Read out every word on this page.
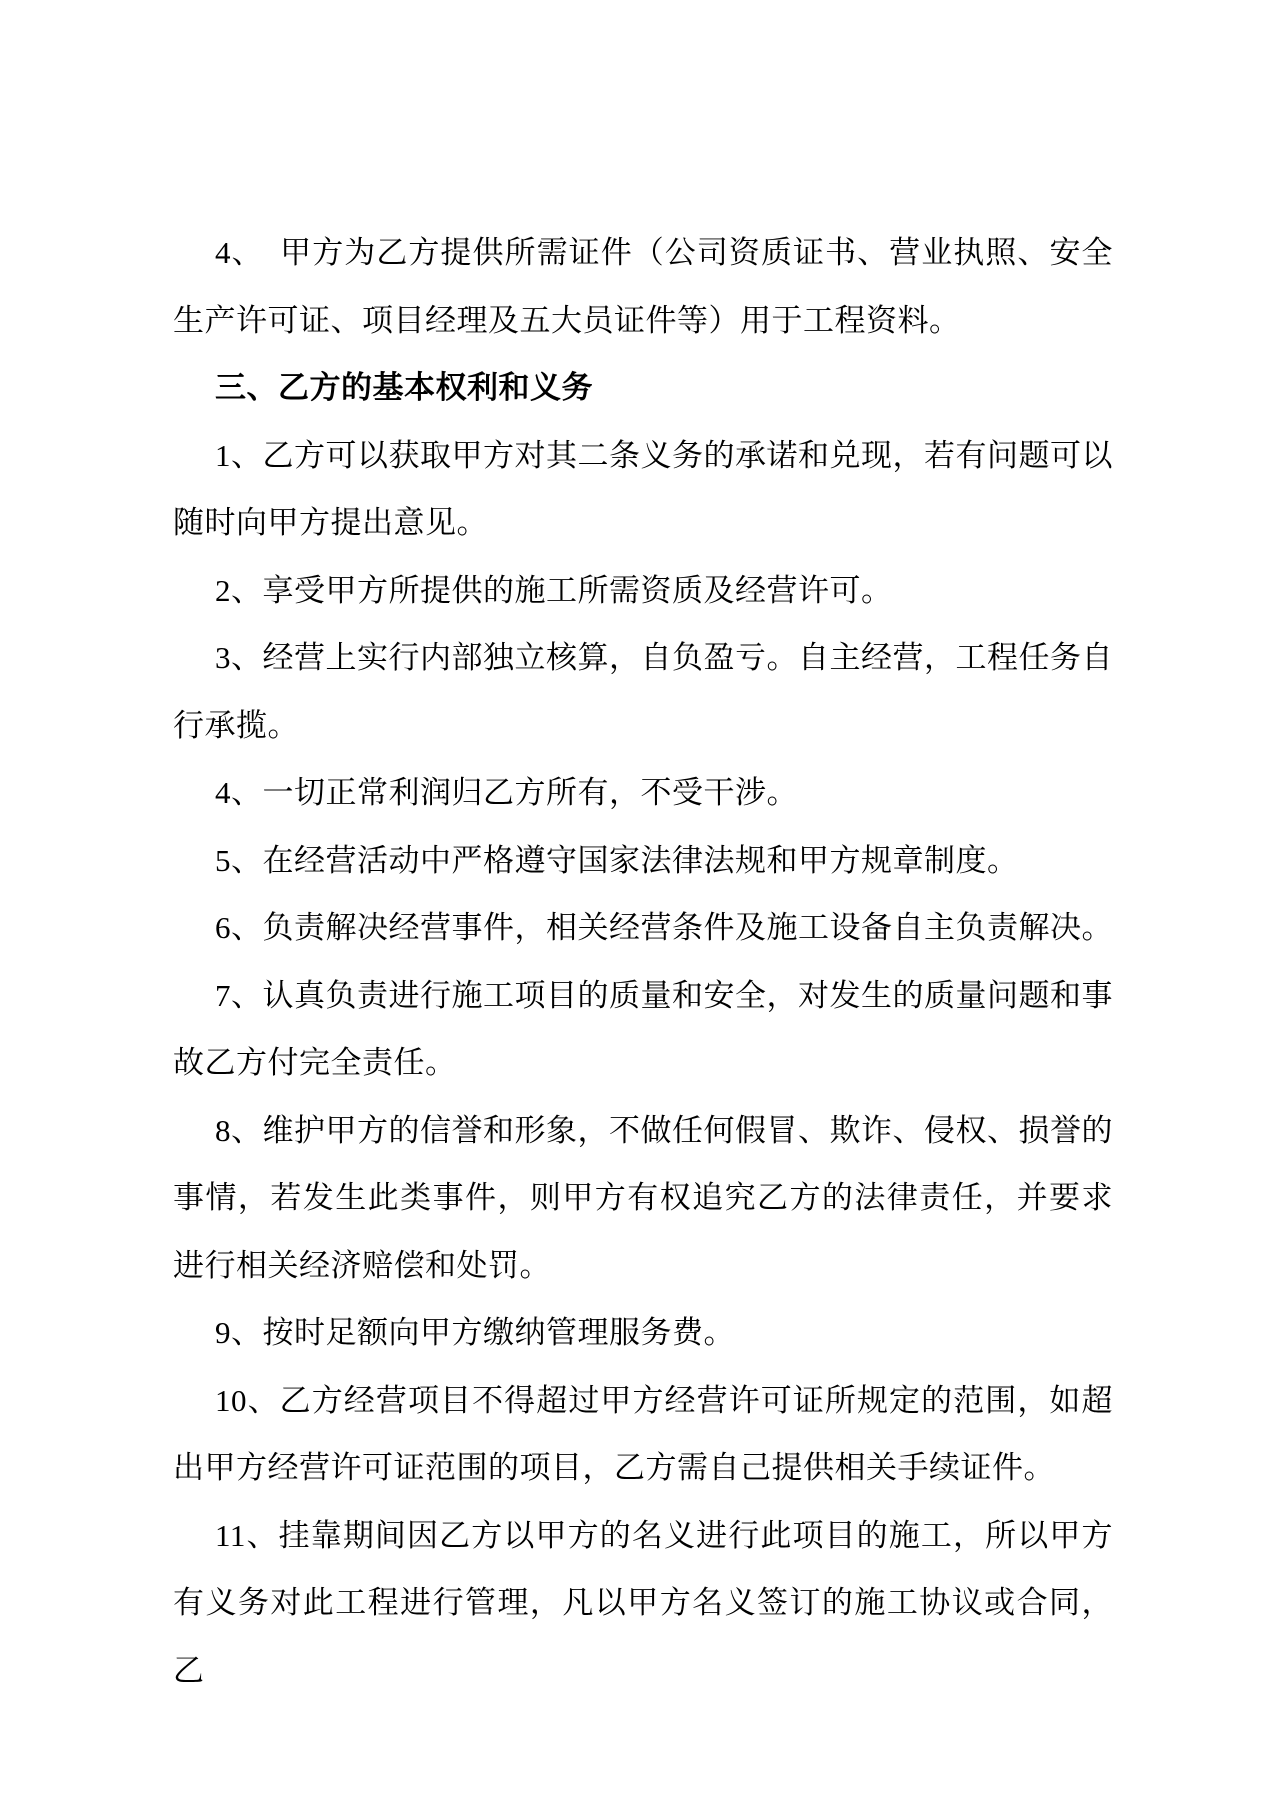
4、　甲方为乙方提供所需证件（公司资质证书、营业执照、安全生产许可证、项目经理及五大员证件等）用于工程资料。

三、乙方的基本权利和义务

1、乙方可以获取甲方对其二条义务的承诺和兑现，若有问题可以随时向甲方提出意见。

2、享受甲方所提供的施工所需资质及经营许可。

3、经营上实行内部独立核算，自负盈亏。自主经营，工程任务自行承揽。

4、一切正常利润归乙方所有，不受干涉。

5、在经营活动中严格遵守国家法律法规和甲方规章制度。

6、负责解决经营事件，相关经营条件及施工设备自主负责解决。

7、认真负责进行施工项目的质量和安全，对发生的质量问题和事故乙方付完全责任。

8、维护甲方的信誉和形象，不做任何假冒、欺诈、侵权、损誉的事情，若发生此类事件，则甲方有权追究乙方的法律责任，并要求进行相关经济赔偿和处罚。

9、按时足额向甲方缴纳管理服务费。

10、乙方经营项目不得超过甲方经营许可证所规定的范围，如超出甲方经营许可证范围的项目，乙方需自己提供相关手续证件。

11、挂靠期间因乙方以甲方的名义进行此项目的施工，所以甲方有义务对此工程进行管理，凡以甲方名义签订的施工协议或合同，乙
